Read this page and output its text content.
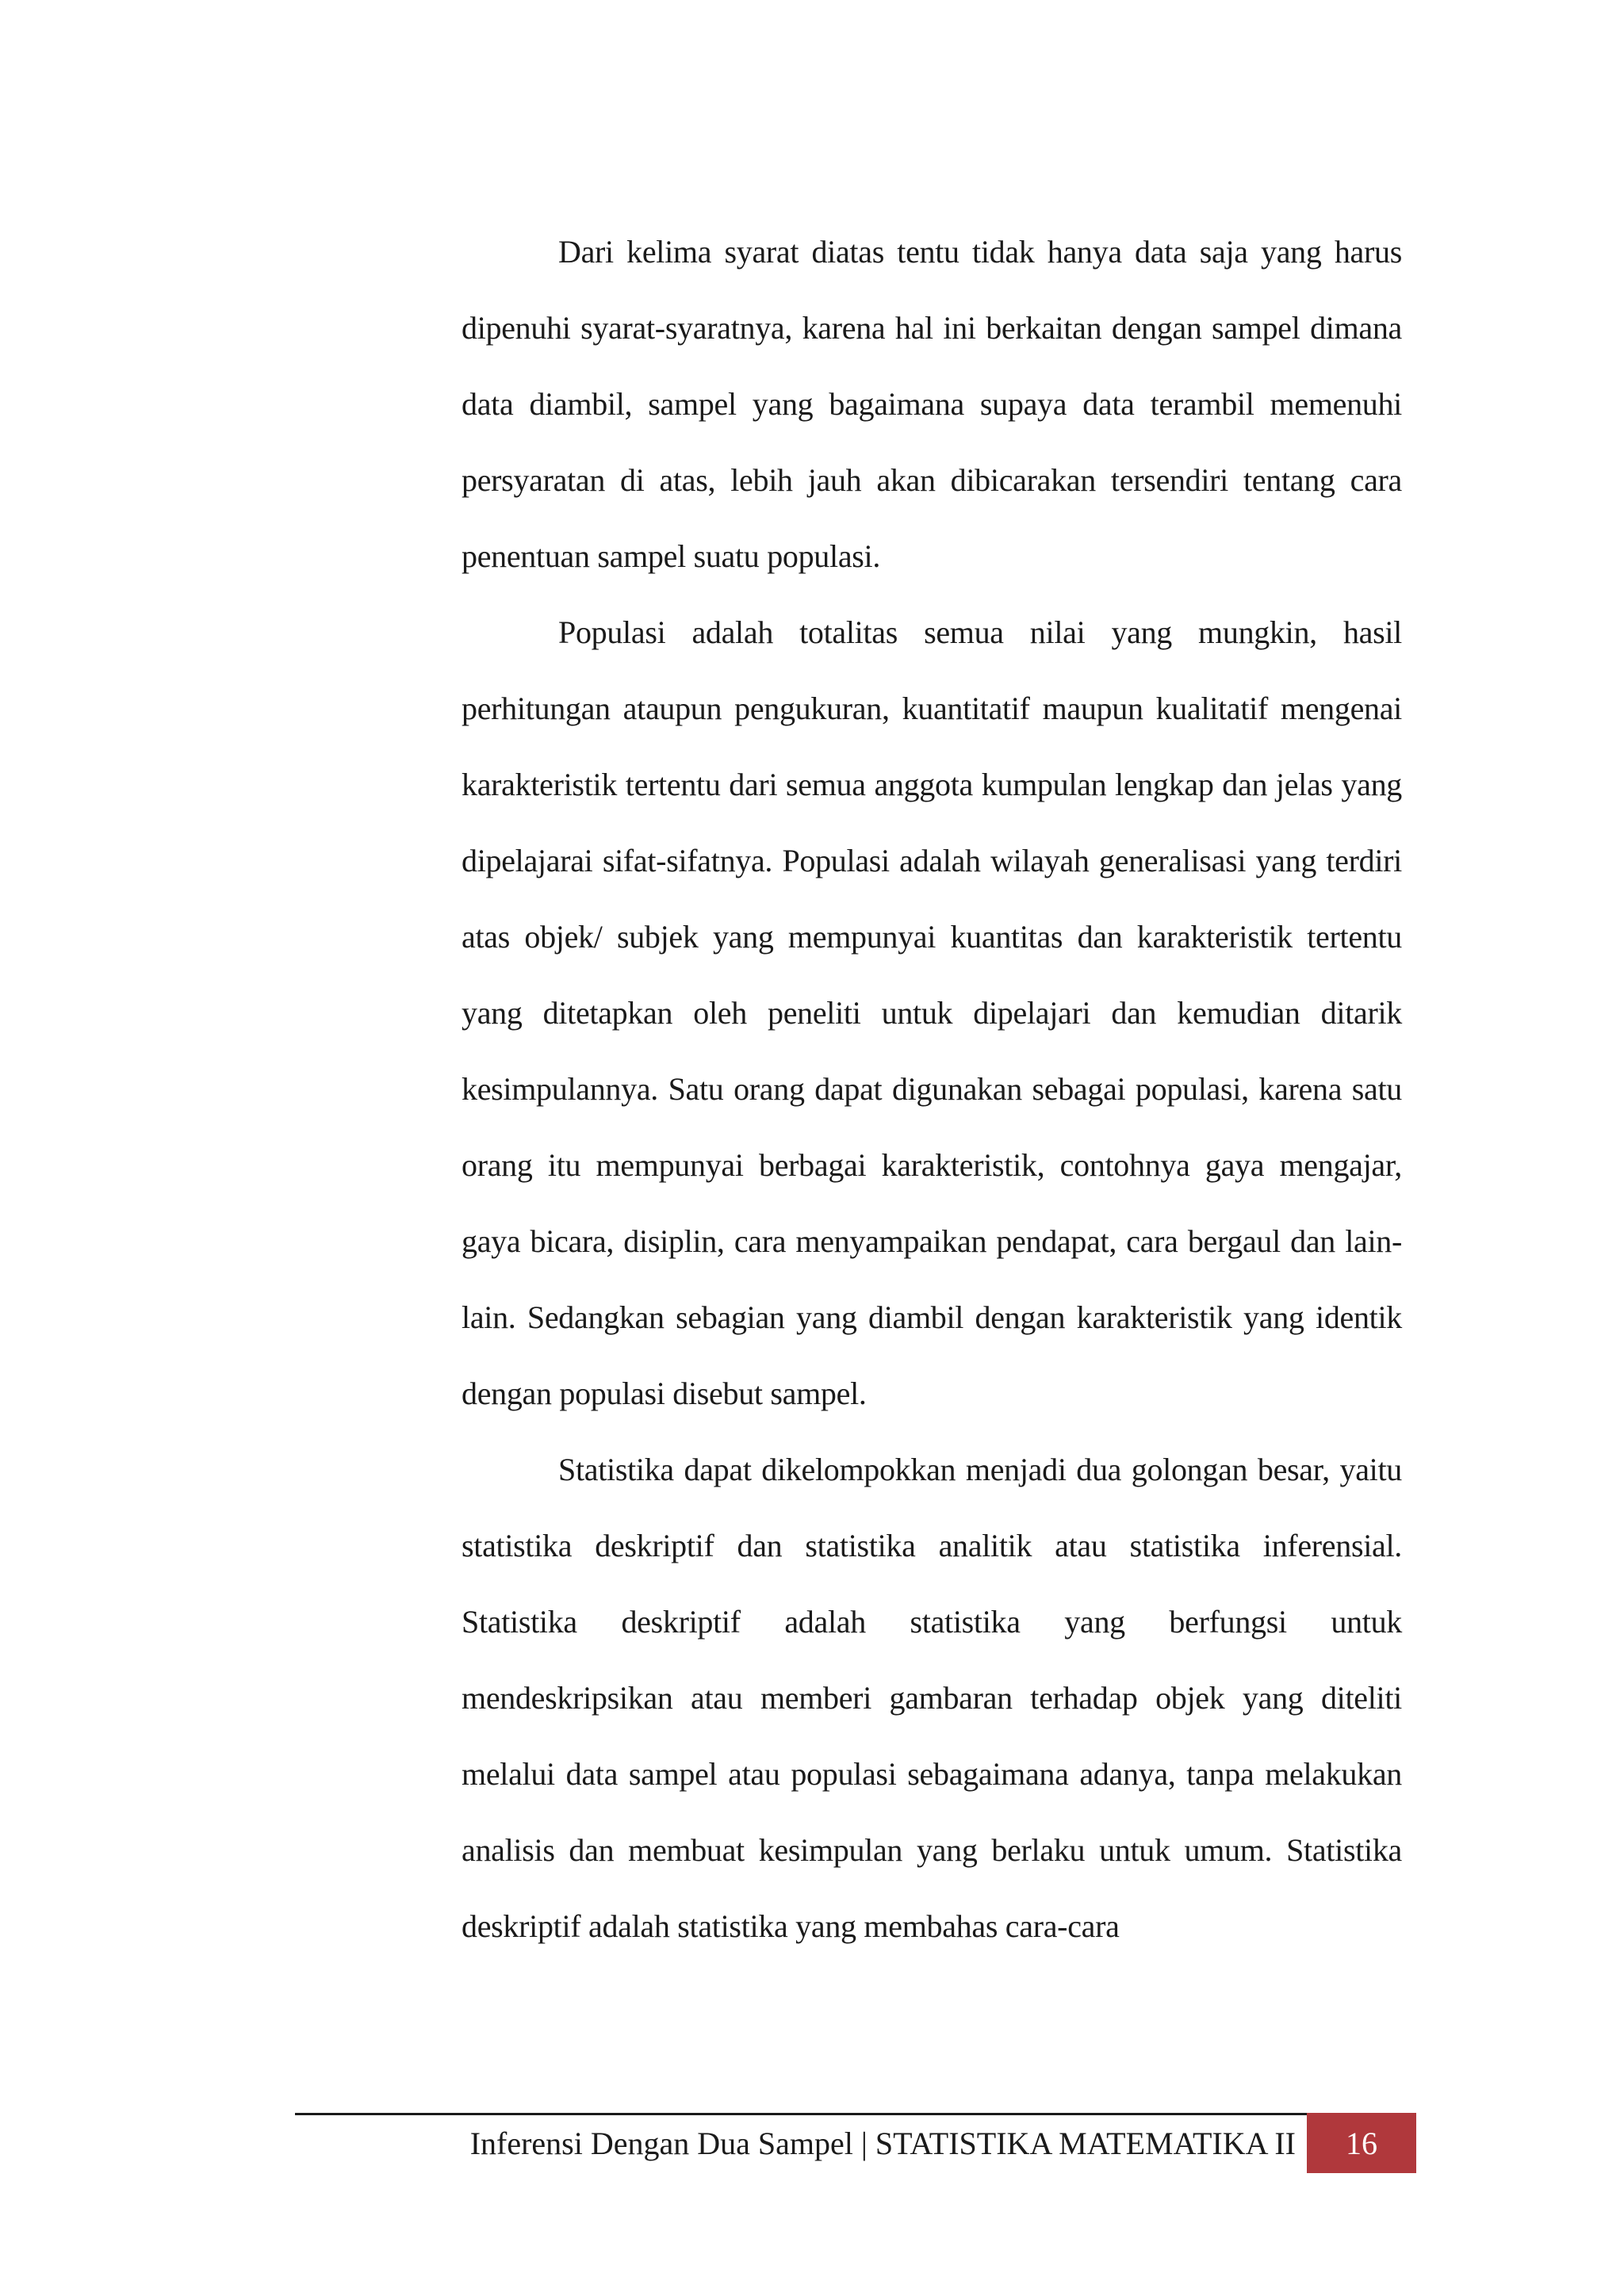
Dari kelima syarat diatas tentu tidak hanya data saja yang harus dipenuhi syarat-syaratnya, karena hal ini berkaitan dengan sampel dimana data diambil, sampel yang bagaimana supaya data terambil memenuhi persyaratan di atas, lebih jauh akan dibicarakan tersendiri tentang cara penentuan sampel suatu populasi.

Populasi adalah totalitas semua nilai yang mungkin, hasil perhitungan ataupun pengukuran, kuantitatif maupun kualitatif mengenai karakteristik tertentu dari semua anggota kumpulan lengkap dan jelas yang dipelajarai sifat-sifatnya. Populasi adalah wilayah generalisasi yang terdiri atas objek/ subjek yang mempunyai kuantitas dan karakteristik tertentu yang ditetapkan oleh peneliti untuk dipelajari dan kemudian ditarik kesimpulannya. Satu orang dapat digunakan sebagai populasi, karena satu orang itu mempunyai berbagai karakteristik, contohnya gaya mengajar, gaya bicara, disiplin, cara menyampaikan pendapat, cara bergaul dan lain-lain. Sedangkan sebagian yang diambil dengan karakteristik yang identik dengan populasi disebut sampel.

Statistika dapat dikelompokkan menjadi dua golongan besar, yaitu statistika deskriptif dan statistika analitik atau statistika inferensial. Statistika deskriptif adalah statistika yang berfungsi untuk mendeskripsikan atau memberi gambaran terhadap objek yang diteliti melalui data sampel atau populasi sebagaimana adanya, tanpa melakukan analisis dan membuat kesimpulan yang berlaku untuk umum. Statistika deskriptif adalah statistika yang membahas cara-cara

Inferensi Dengan Dua Sampel | STATISTIKA MATEMATIKA II 16
